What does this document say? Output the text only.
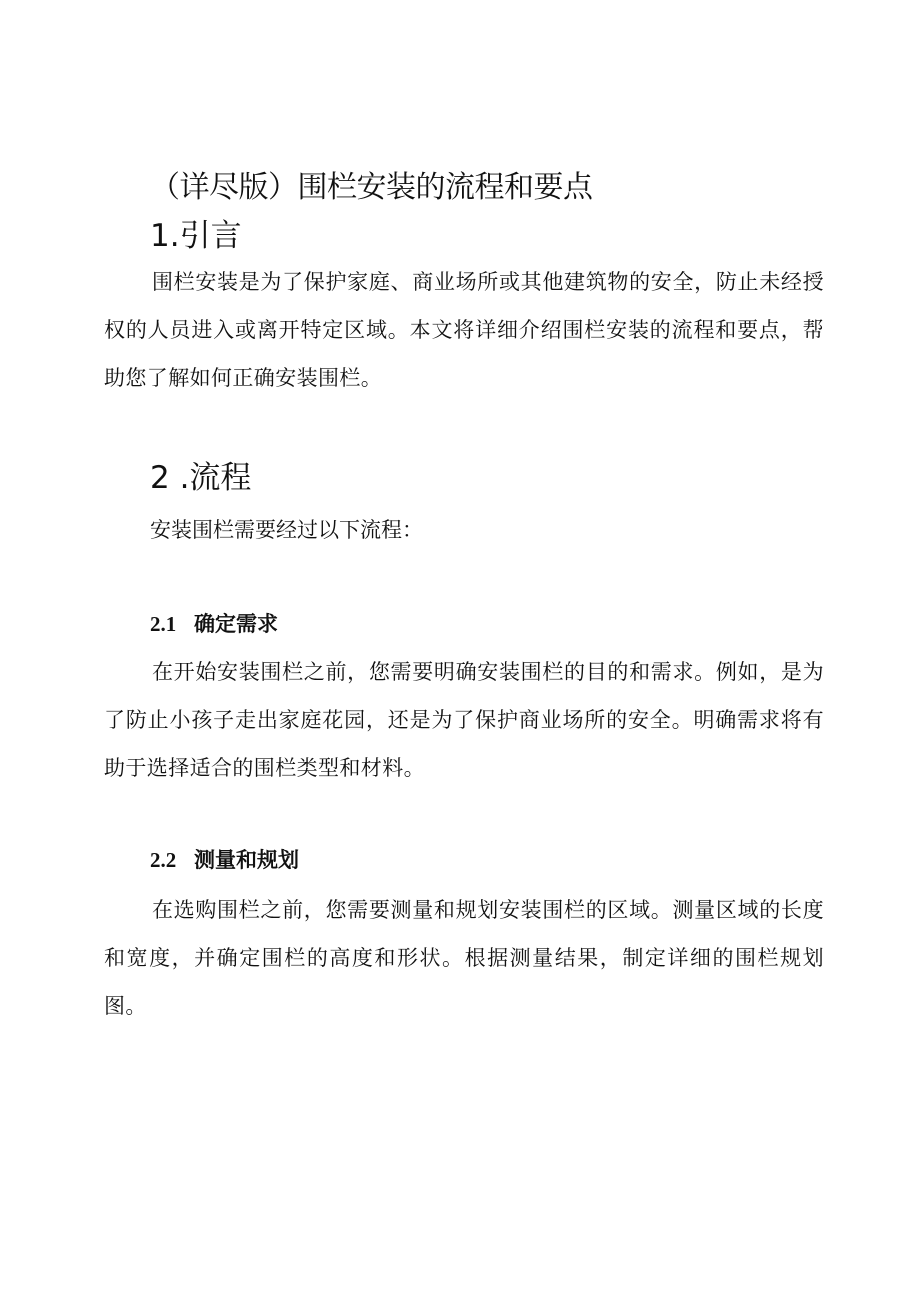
（详尽版）围栏安装的流程和要点
1.引言
围栏安装是为了保护家庭、商业场所或其他建筑物的安全，防止未经授权的人员进入或离开特定区域。本文将详细介绍围栏安装的流程和要点，帮助您了解如何正确安装围栏。
2 .流程
安装围栏需要经过以下流程：
2.1 确定需求
在开始安装围栏之前，您需要明确安装围栏的目的和需求。例如，是为了防止小孩子走出家庭花园，还是为了保护商业场所的安全。明确需求将有助于选择适合的围栏类型和材料。
2.2 测量和规划
在选购围栏之前，您需要测量和规划安装围栏的区域。测量区域的长度和宽度，并确定围栏的高度和形状。根据测量结果，制定详细的围栏规划图。
